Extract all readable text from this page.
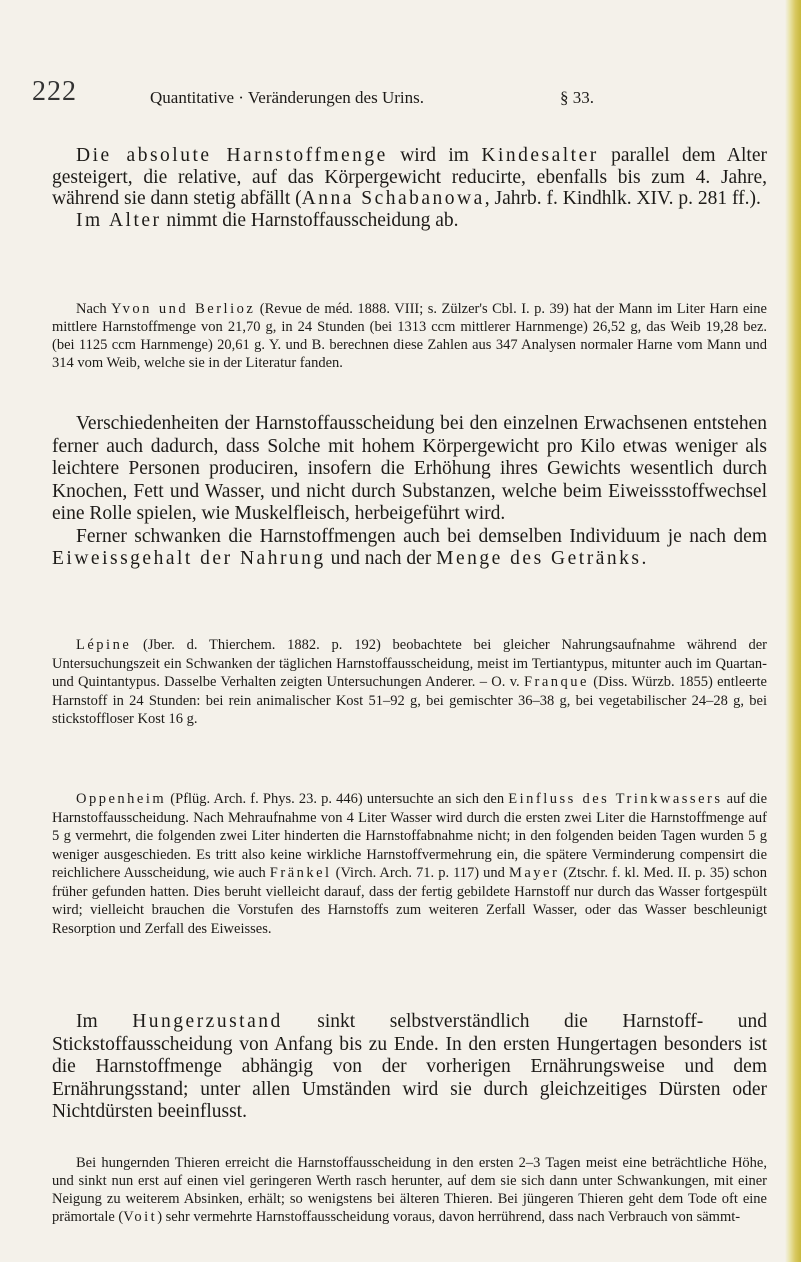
222	Quantitative · Veränderungen des Urins.	§ 33.
Die absolute Harnstoffmenge wird im Kindesalter parallel dem Alter gesteigert, die relative, auf das Körpergewicht reducirte, ebenfalls bis zum 4. Jahre, während sie dann stetig abfällt (Anna Schabanowa, Jahrb. f. Kindhlk. XIV. p. 281 ff.).
Im Alter nimmt die Harnstoffausscheidung ab.
Nach Yvon und Berlioz (Revue de méd. 1888. VIII; s. Zülzer's Cbl. I. p. 39) hat der Mann im Liter Harn eine mittlere Harnstoffmenge von 21,70 g, in 24 Stunden (bei 1313 ccm mittlerer Harnmenge) 26,52 g, das Weib 19,28 bez. (bei 1125 ccm Harnmenge) 20,61 g. Y. und B. berechnen diese Zahlen aus 347 Analysen normaler Harne vom Mann und 314 vom Weib, welche sie in der Literatur fanden.
Verschiedenheiten der Harnstoffausscheidung bei den einzelnen Erwachsenen entstehen ferner auch dadurch, dass Solche mit hohem Körpergewicht pro Kilo etwas weniger als leichtere Personen produciren, insofern die Erhöhung ihres Gewichts wesentlich durch Knochen, Fett und Wasser, und nicht durch Substanzen, welche beim Eiweissstoffwechsel eine Rolle spielen, wie Muskelfleisch, herbeigeführt wird.
Ferner schwanken die Harnstoffmengen auch bei demselben Individuum je nach dem Eiweissgehalt der Nahrung und nach der Menge des Getränks.
Lépine (Jber. d. Thierchem. 1882. p. 192) beobachtete bei gleicher Nahrungsaufnahme während der Untersuchungszeit ein Schwanken der täglichen Harnstoffausscheidung, meist im Tertiantypus, mitunter auch im Quartan- und Quintantypus. Dasselbe Verhalten zeigten Untersuchungen Anderer. – O. v. Franque (Diss. Würzb. 1855) entleerte Harnstoff in 24 Stunden: bei rein animalischer Kost 51–92 g, bei gemischter 36–38 g, bei vegetabilischer 24–28 g, bei stickstoffloser Kost 16 g.
Oppenheim (Pflüg. Arch. f. Phys. 23. p. 446) untersuchte an sich den Einfluss des Trinkwassers auf die Harnstoffausscheidung. Nach Mehraufnahme von 4 Liter Wasser wird durch die ersten zwei Liter die Harnstoffmenge auf 5 g vermehrt, die folgenden zwei Liter hinderten die Harnstoffabnahme nicht; in den folgenden beiden Tagen wurden 5 g weniger ausgeschieden. Es tritt also keine wirkliche Harnstoffvermehrung ein, die spätere Verminderung compensirt die reichlichere Ausscheidung, wie auch Fränkel (Virch. Arch. 71. p. 117) und Mayer (Ztschr. f. kl. Med. II. p. 35) schon früher gefunden hatten. Dies beruht vielleicht darauf, dass der fertig gebildete Harnstoff nur durch das Wasser fortgespült wird; vielleicht brauchen die Vorstufen des Harnstoffs zum weiteren Zerfall Wasser, oder das Wasser beschleunigt Resorption und Zerfall des Eiweisses.
Im Hungerzustand sinkt selbstverständlich die Harnstoff- und Stickstoffausscheidung von Anfang bis zu Ende. In den ersten Hungertagen besonders ist die Harnstoffmenge abhängig von der vorherigen Ernährungsweise und dem Ernährungsstand; unter allen Umständen wird sie durch gleichzeitiges Dürsten oder Nichtdürsten beeinflusst.
Bei hungernden Thieren erreicht die Harnstoffausscheidung in den ersten 2–3 Tagen meist eine beträchtliche Höhe, und sinkt nun erst auf einen viel geringeren Werth rasch herunter, auf dem sie sich dann unter Schwankungen, mit einer Neigung zu weiterem Absinken, erhält; so wenigstens bei älteren Thieren. Bei jüngeren Thieren geht dem Tode oft eine prämortale (Voit) sehr vermehrte Harnstoffausscheidung voraus, davon herrührend, dass nach Verbrauch von sämmt-
